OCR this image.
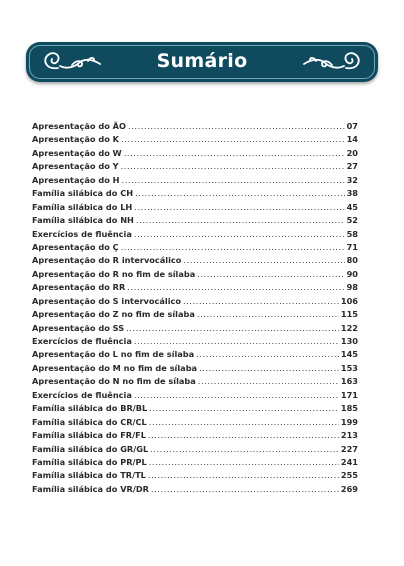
Sumário
Apresentação do ÃO .....	07
Apresentação do K .....	14
Apresentação do W .....	20
Apresentação do Y .....	27
Apresentação do H .....	32
Família silábica do CH .....	38
Família silábica do LH .....	45
Família silábica do NH .....	52
Exercícios de fluência .....	58
Apresentação do Ç .....	71
Apresentação do R intervocálico .....	80
Apresentação do R no fim de sílaba .....	90
Apresentação do RR .....	98
Apresentação do S intervocálico .....	106
Apresentação do Z no fim de sílaba .....	115
Apresentação do SS .....	122
Exercícios de fluência .....	130
Apresentação do L no fim de sílaba .....	145
Apresentação do M no fim de sílaba .....	153
Apresentação do N no fim de sílaba .....	163
Exercícios de fluência .....	171
Família silábica do BR/BL .....	185
Família silábica do CR/CL .....	199
Família silábica do FR/FL .....	213
Família silábica do GR/GL .....	227
Família silábica do PR/PL .....	241
Família silábica do TR/TL .....	255
Família silábica do VR/DR .....	269
